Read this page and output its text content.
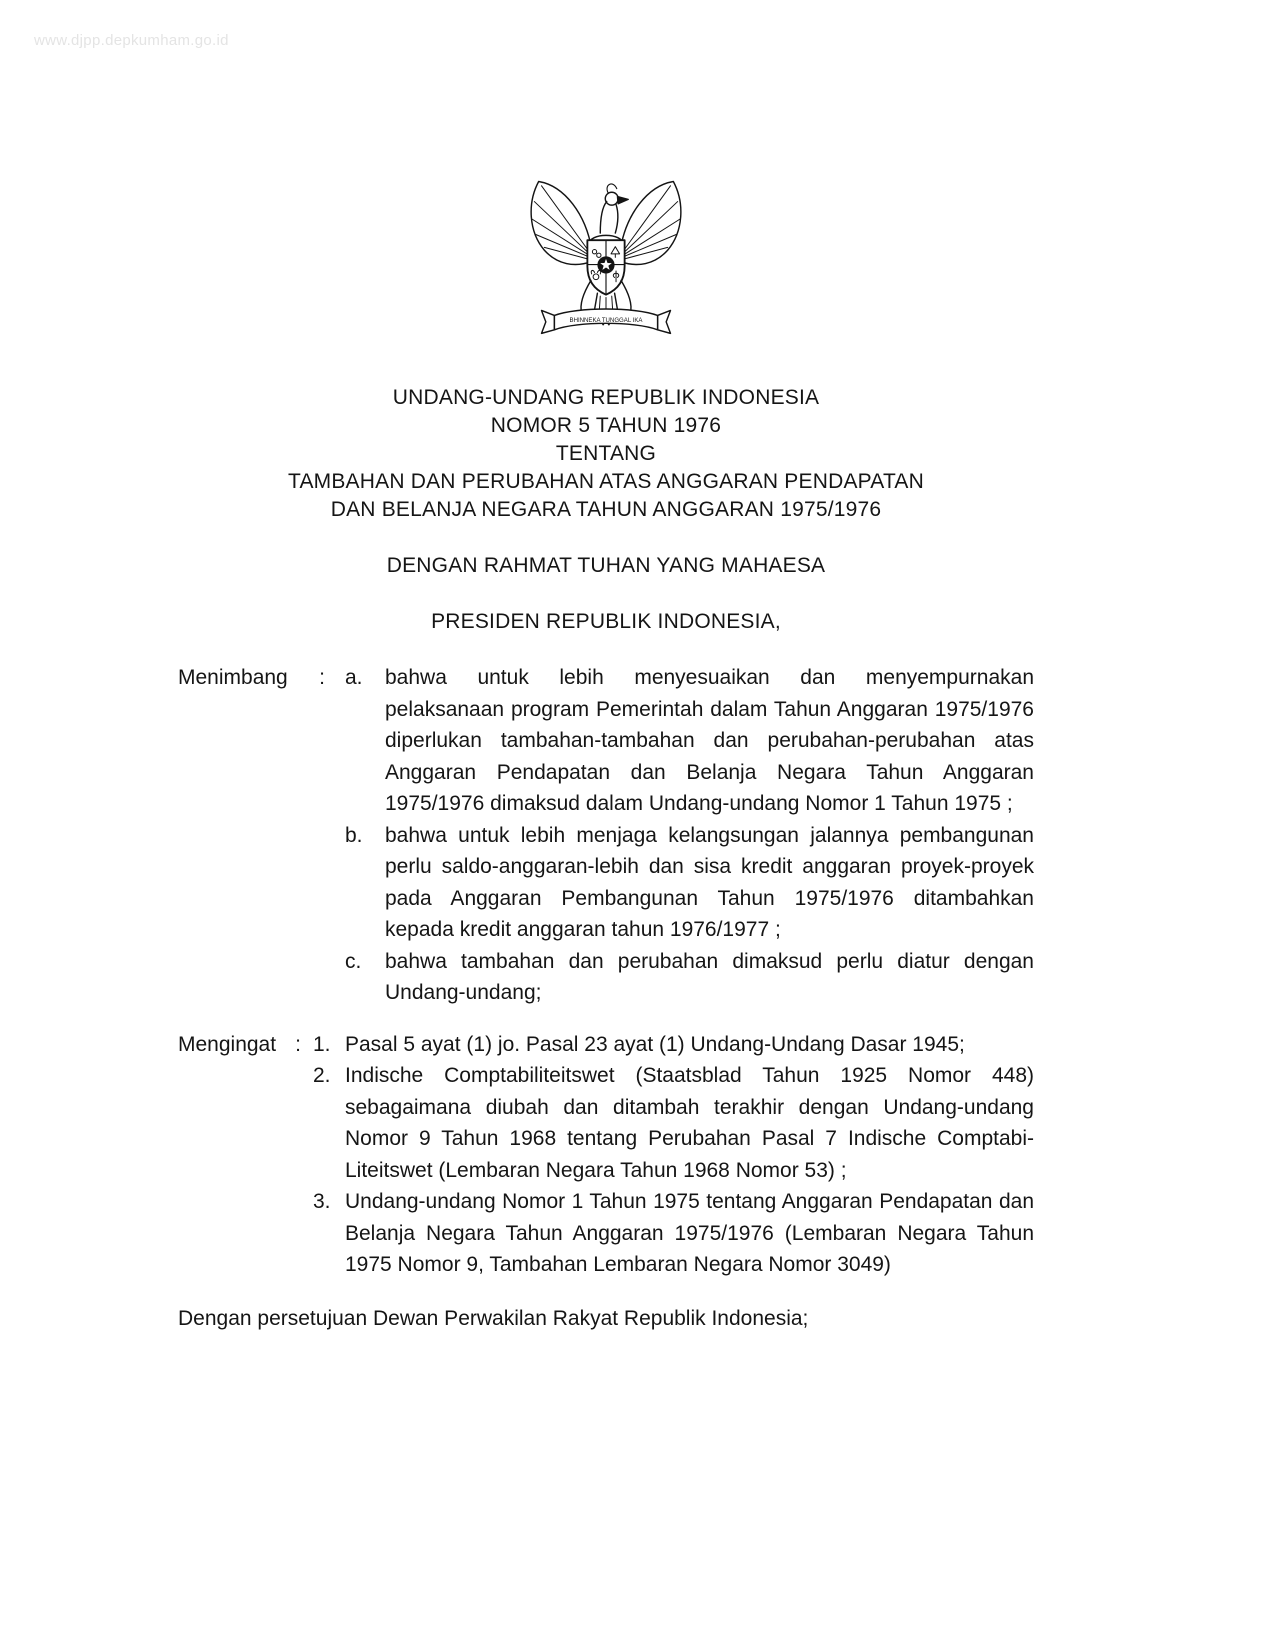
www.djpp.depkumham.go.id
BHINNEKA TUNGGAL IKA
UNDANG-UNDANG REPUBLIK INDONESIA
NOMOR 5 TAHUN 1976
TENTANG
TAMBAHAN DAN PERUBAHAN ATAS ANGGARAN PENDAPATAN
DAN BELANJA NEGARA TAHUN ANGGARAN 1975/1976
DENGAN RAHMAT TUHAN YANG MAHAESA
PRESIDEN REPUBLIK INDONESIA,
Menimbang : a.	bahwa untuk lebih menyesuaikan dan menyempurnakan pelaksanaan program Pemerintah dalam Tahun Anggaran 1975/1976 diperlukan tambahan-tambahan dan perubahan-perubahan atas Anggaran Pendapatan dan Belanja Negara Tahun Anggaran 1975/1976 dimaksud dalam Undang-undang Nomor 1 Tahun 1975 ;
b.	bahwa untuk lebih menjaga kelangsungan jalannya pembangunan perlu saldo-anggaran-lebih dan sisa kredit anggaran proyek-proyek pada Anggaran Pembangunan Tahun 1975/1976 ditambahkan kepada kredit anggaran tahun 1976/1977 ;
c.	bahwa tambahan dan perubahan dimaksud perlu diatur dengan Undang-undang;
Mengingat : 1. Pasal 5 ayat (1) jo. Pasal 23 ayat (1) Undang-Undang Dasar 1945;
2. Indische Comptabiliteitswet (Staatsblad Tahun 1925 Nomor 448) sebagaimana diubah dan ditambah terakhir dengan Undang-undang Nomor 9 Tahun 1968 tentang Perubahan Pasal 7 Indische Comptabi-Liteitswet (Lembaran Negara Tahun 1968 Nomor 53) ;
3. Undang-undang Nomor 1 Tahun 1975 tentang Anggaran Pendapatan dan Belanja Negara Tahun Anggaran 1975/1976 (Lembaran Negara Tahun 1975 Nomor 9, Tambahan Lembaran Negara Nomor 3049)
Dengan persetujuan Dewan Perwakilan Rakyat Republik Indonesia;
